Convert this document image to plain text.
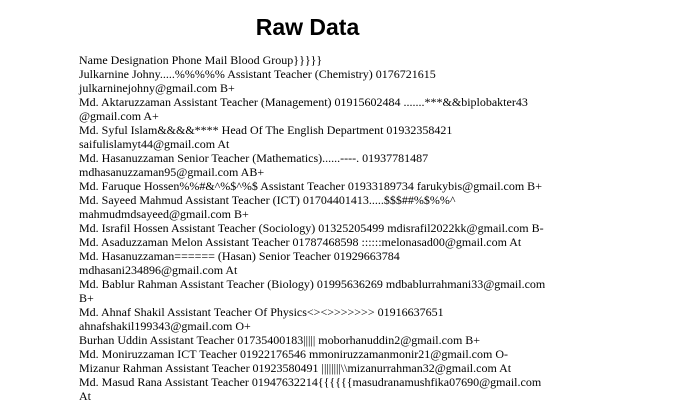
Raw Data
Name Designation Phone Mail Blood Group}}}}}
Julkarnine Johny.....%%%%% Assistant Teacher (Chemistry) 0176721615
julkarninejohny@gmail.com B+
Md. Aktaruzzaman Assistant Teacher (Management) 01915602484 .......***&&biplobakter43
@gmail.com A+
Md. Syful Islam&&&&**** Head Of The English Department 01932358421
saifulislamyt44@gmail.com At
Md. Hasanuzzaman Senior Teacher (Mathematics)......----. 01937781487
mdhasanuzzaman95@gmail.com AB+
Md. Faruque Hossen%%#&^%$^%$ Assistant Teacher 01933189734 farukybis@gmail.com B+
Md. Sayeed Mahmud Assistant Teacher (ICT) 01704401413.....$$$##%$%%^
mahmudmdsayeed@gmail.com B+
Md. Israfil Hossen Assistant Teacher (Sociology) 01325205499 mdisrafil2022kk@gmail.com B-
Md. Asaduzzaman Melon Assistant Teacher 01787468598 ::::::melonasad00@gmail.com At
Md. Hasanuzzaman====== (Hasan) Senior Teacher 01929663784
mdhasani234896@gmail.com At
Md. Bablur Rahman Assistant Teacher (Biology) 01995636269 mdbablurrahmani33@gmail.com
B+
Md. Ahnaf Shakil Assistant Teacher Of Physics<><>>>>>>> 01916637651
ahnafshakil199343@gmail.com O+
Burhan Uddin Assistant Teacher 01735400183||||| moborhanuddin2@gmail.com B+
Md. Moniruzzaman ICT Teacher 01922176546 mmoniruzzamanmonir21@gmail.com O-
Mizanur Rahman Assistant Teacher 01923580491 ||||||||\\mizanurrahman32@gmail.com At
Md. Masud Rana Assistant Teacher 01947632214{{{{{{masudranamushfika07690@gmail.com
At
